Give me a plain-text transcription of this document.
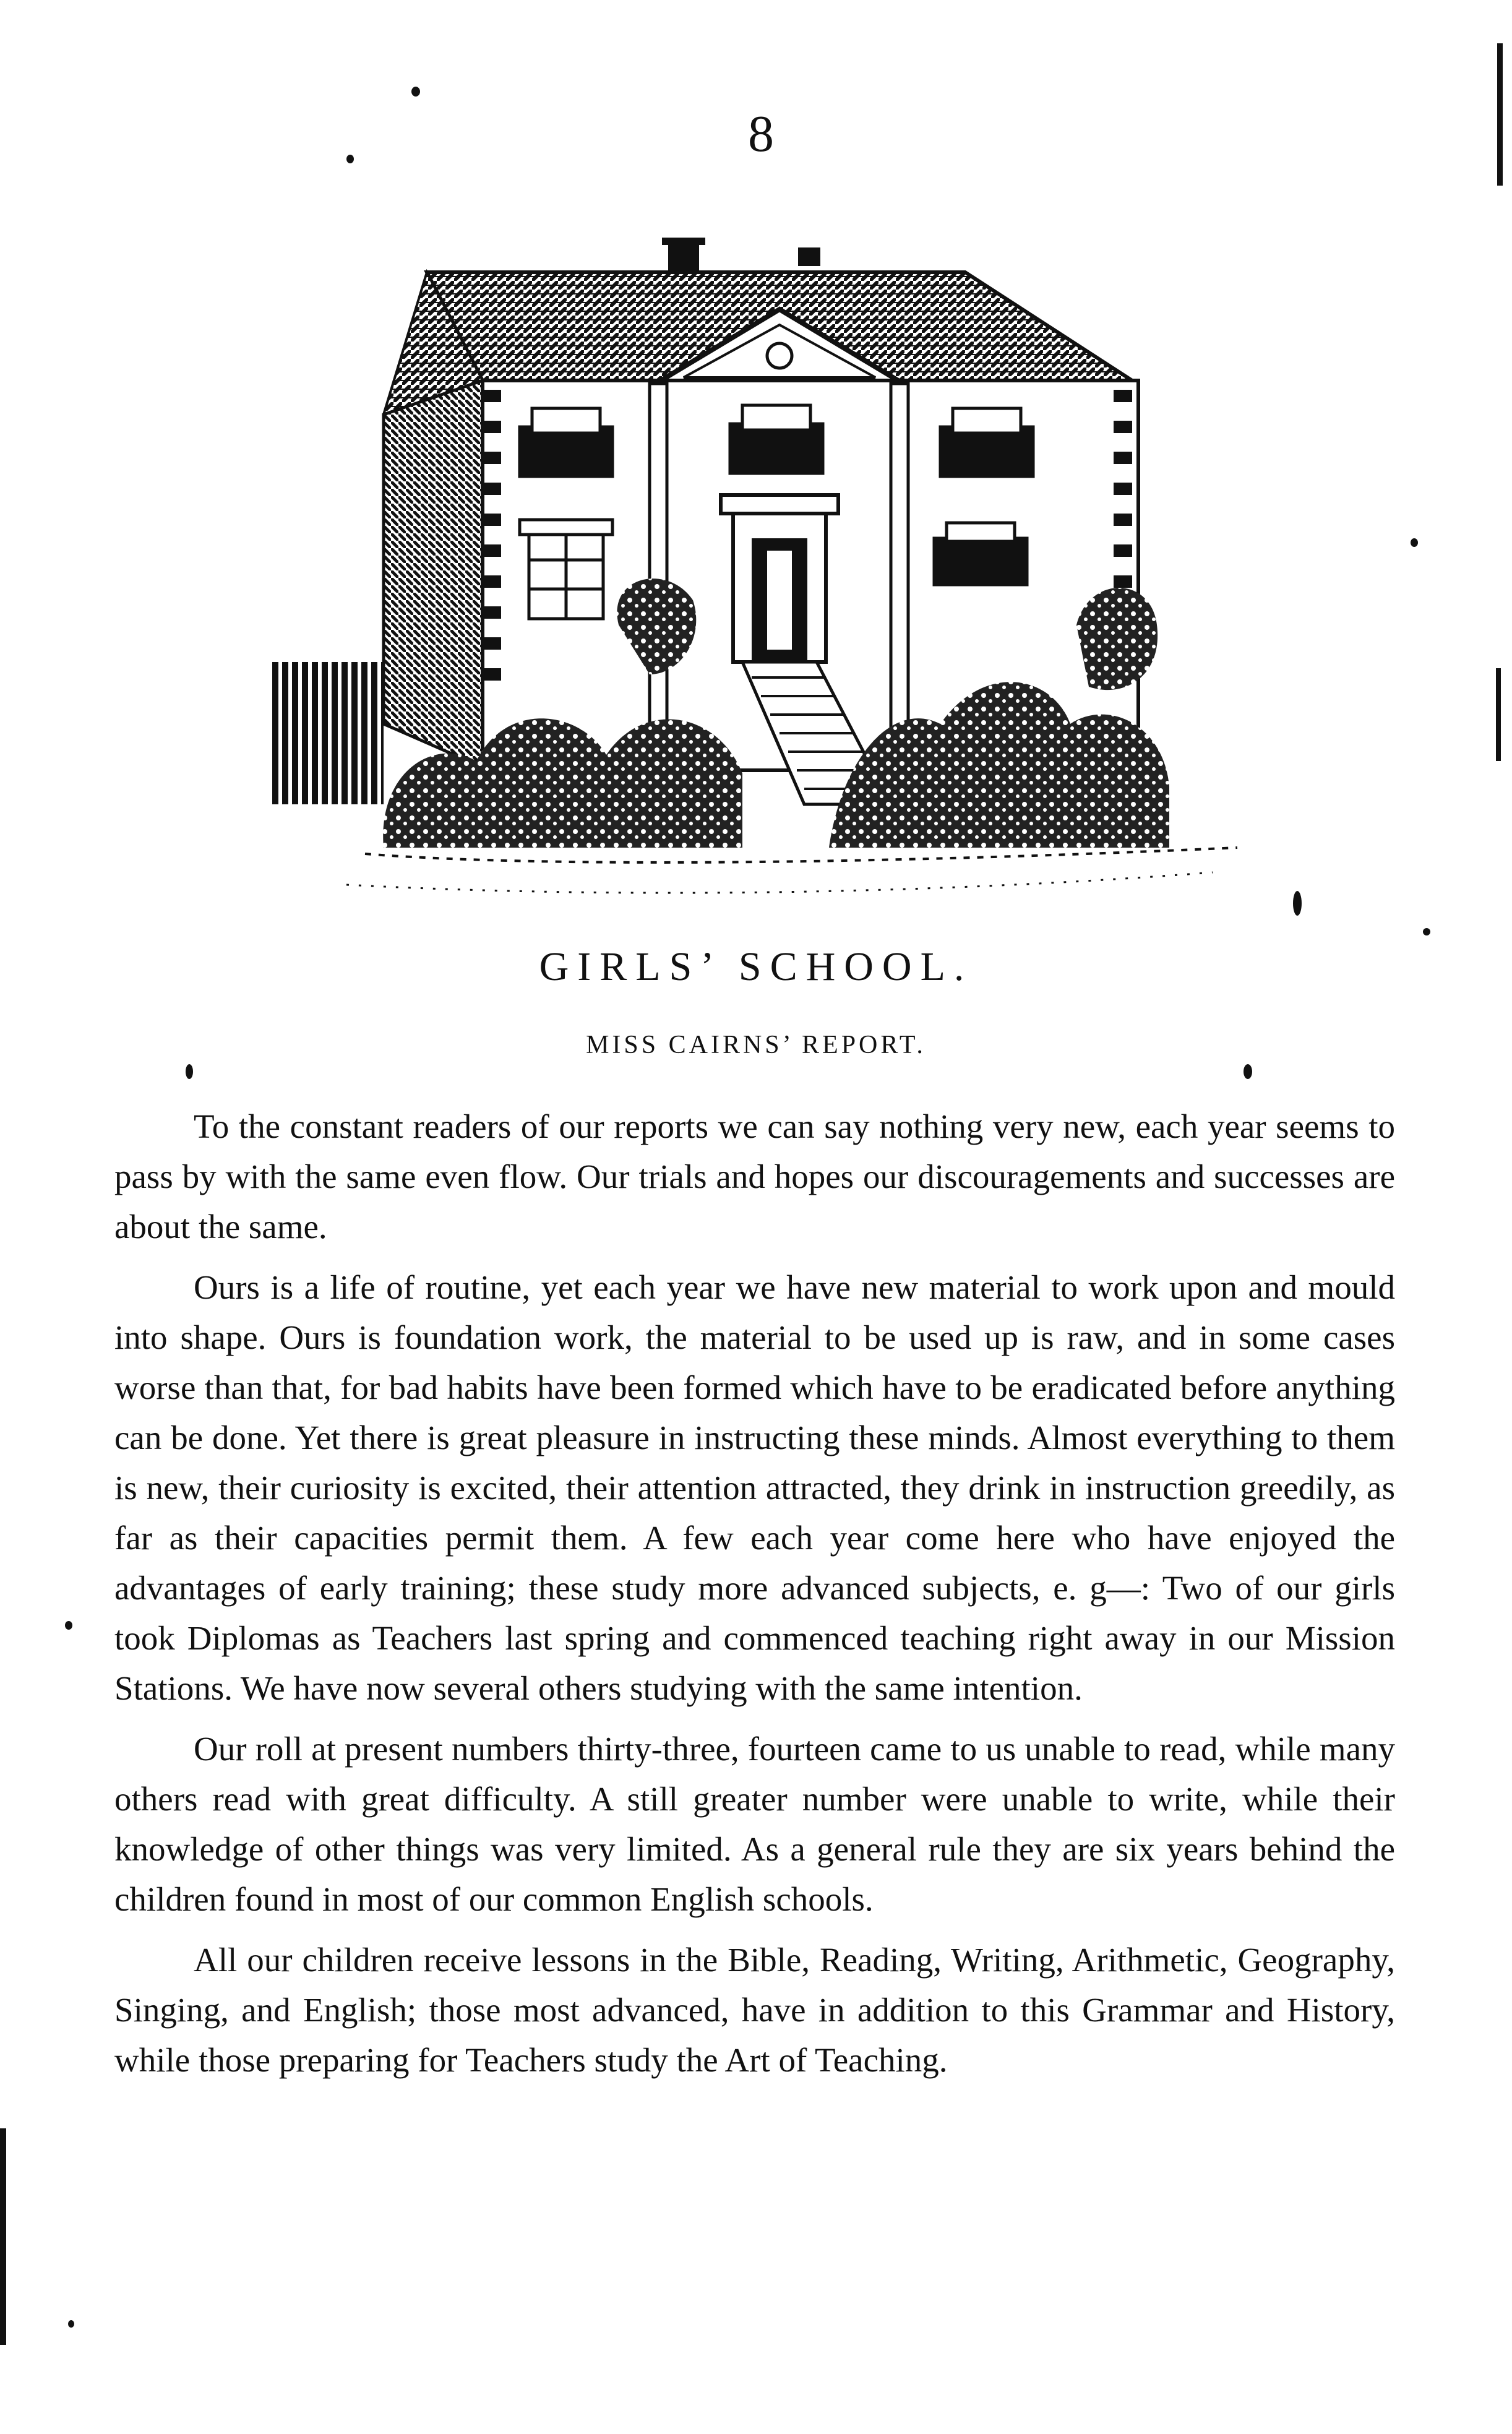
8
GIRLS’ SCHOOL.
MISS CAIRNS’ REPORT.

To the constant readers of our reports we can say nothing very new, each year seems to pass by with the same even flow. Our trials and hopes our discouragements and successes are about the same.

Ours is a life of routine, yet each year we have new material to work upon and mould into shape. Ours is foundation work, the material to be used up is raw, and in some cases worse than that, for bad habits have been formed which have to be eradicated before anything can be done. Yet there is great pleasure in instructing these minds. Almost everything to them is new, their curiosity is excited, their attention attracted, they drink in instruction greedily, as far as their capacities permit them. A few each year come here who have enjoyed the advantages of early training; these study more advanced subjects, e. g—: Two of our girls took Diplomas as Teachers last spring and commenced teaching right away in our Mission Stations. We have now several others studying with the same intention.

Our roll at present numbers thirty-three, fourteen came to us unable to read, while many others read with great difficulty. A still greater number were unable to write, while their knowledge of other things was very limited. As a general rule they are six years behind the children found in most of our common English schools.

All our children receive lessons in the Bible, Reading, Writing, Arithmetic, Geography, Singing, and English; those most advanced, have in addition to this Grammar and History, while those preparing for Teachers study the Art of Teaching.
